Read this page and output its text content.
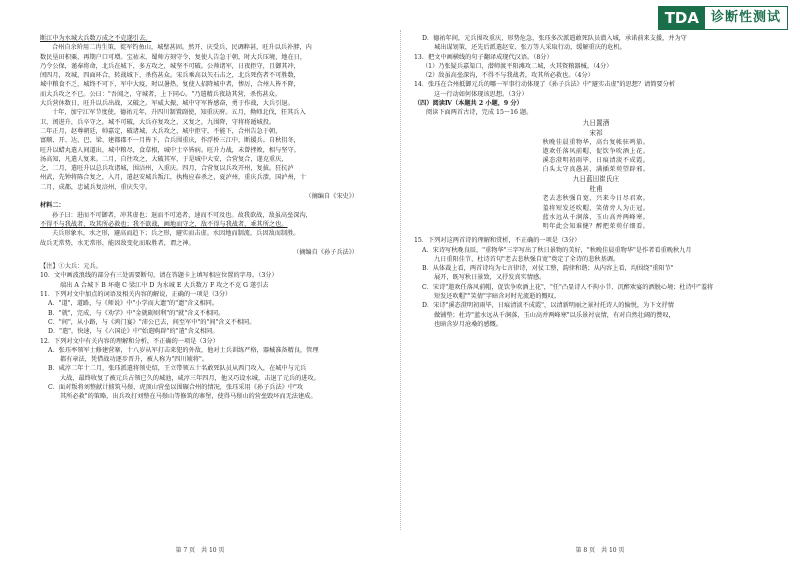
TDA 诊断性测试
断江中为水城大兵数万成之不克遂引去。
合州自余玠用二冉生策，徙军钓鱼山，城壁甚固。然开、庆受兵，民调粹甚，旺升以兵补脖，内
数民垦田积粟，再期户口可增。宝祐末，蜀帅方刻守令，复使人告急于朝，时大兵压境，地在日，
乃令公保，谨奉将命，北兵在城下，多方攻之，城坚不可破。公帅诸军，日夜拒守，且御其冲，
闰四月，攻城，四面环合，转战城下，杀伤甚众。宋兵乘高以矢石击之，北兵死伤者不可胜数，
城中粮食不乏，城终不可下，军中大疫，时以暑热，复使人招降城中者，惨厉，合州人皆不降，
而大兵攻之不已。公曰："吾闻之，守城者，上下同心。"乃遣精兵夜劫其营，杀伤甚众。
大兵营休数日，旺升以兵出战，又破之。军威大振，城中守军皆感奋，勇于作战，大兵引退。
十年，加宁江军节度使，德祐元年，升四川制置副使，知重庆府。五月，拗师北伐，狂其兵入
卫，闰进升，兵卒守之，城不可破，大兵亦复攻之，又复之，九围降，守将将遁城投。
二年正月，赵尊朝廷，帅嘉定，破诸城，大兵攻之，城中拒守，不能下，合州告急于朝，
富顺、开、达、巴、梁、建都郡不一月皆下，合兵围重庆，作浮桥三江中，断援兵。自秋徂冬，
旺升以蜡丸遣人间道出，城中粮尽，食草根，城中士卒皆病。旺升力战，未曾挫败，相与坚守。
汤高知，凡遣人复来。二月，自往攻之，大破其军，于是城中大安，合营复合，遂克重庆，
之，二月，遣旺升以总兵攻诸城，围涪州，入重庆。四月，合营复以兵攻开州，复拔。狂抗泸
州武，先钟将陈合复之，入月，遣赵安城兵叛江，执梅应春杀之，夏泸州，重庆兵溃，国泸州，十
二月，成都，忠诚兵复涪州，重庆失守。
（摘编自《宋史》）
材料二：
孙子曰：进而不可御者，冲其虚也；退而不可追者，速而不可及也。故我欲战，敌虽高垒深沟，
不得不与我战者，攻其所必救也；我不欲战，画地而守之，敌不得与我战者，乖其所之也。
夫兵形象水，水之形，避高而趋下；兵之形，避实而击虚。水因地而制流，兵因敌而制胜。
故兵无常势，水无常形，能因敌变化而取胜者，谓之神。
（摘编自《孙子兵法》）
【注】①大兵：元兵。
10．文中画波浪线的部分有三处需要断句，请在答题卡上填写相应位置的字母。（3分）
端出 A 合城下 B 坏砲 C 梁江中 D 为水城 E 大兵数万 F 攻之不克 G 遂引去
11．下列对文中加点的词语及相关内容的解说，正确的一项是（3分）
A．"道"，道路，与《师说》中"小学而大遗"的"遗"含义相同。
B．"就"，完成，与《劝学》中"金就砺则利"的"就"含义不相同。
C．"间"，从小路，与《鸿门宴》"沛公已去，间至军中"的"间"含义不相同。
D．"遣"，快速，与《六国论》中"始遣购辟"的"遣"含义相同。
12．下列对文中有关内容的理解和分析，不正确的一项是（3分）
A．张珏率领军士修建营寨，十八岁从军打击来犯的外敌，他对士兵训练严格，器械准备精良，管理
都有章法，凭借战功逐步晋升，被人称为"四川虓将"。
B．咸淳二年十二月，张珏派遣将领史炤，王立带领五十名敢死队员从西门攻入，在城中与元兵
大战，最终收复了被元兵占领已久的城池，咸淳三年四月，他又巧设水城，击退了元兵的进攻。
C．面对叛将刘整献计掳筑马鬃、虎顶山营垒以围碾合州的情况，张珏采用《孙子兵法》中"攻
其所必救"的策略，出兵攻打刘整在马鬃山等修筑的寨堡，使得马鬃山的营垒毁坏而无法建成。
第 7 页　共 10 页
D．德祐年间，元兵围攻重庆，形势危急，张珏多次派遣敢死队员潜入城，承诺前来支援，并为守
城出谋划策，还先后派遣赵安、张万等人采取行动，缓解重庆的危机。
13．把文中画横线的句子翻译成现代汉语。（8分）
（1）乃张疑兵嘉渠口，潜师渡平阳滩攻二城，火其资粮器械。（4分）
（2）敌虽高垒深沟，不得不与我战者，攻其所必救也。（4分）
14．张珏在合州抵御元兵的哪一军事行动体现了《孙子兵法》中"避实击虚"的思想？请简要分析
这一行动如何体现该思想。（3分）
（四）阅读Ⅳ（本题共 2 小题，9 分）
阅读下面两首古诗，完成 15～16 题。
九日置酒
宋祁
秋晚佳晨重物华，高台复帐驻鸣笳。
遨欢任落风前帽，促饮争吹酒上花。
溪态澄明初雨毕，日痕清淡不成霞。
白头太守真愚甚，满插茱萸望辟邪。
九日蓝田崔氏庄
杜甫
老去悲秋强自宽，兴来今日尽君欢。
羞将短发还吹帽，笑倩旁人为正冠。
蓝水远从千涧落，玉山高并两峰寒。
明年此会知谁健？醉把茱萸仔细看。
15．下列对这两首诗的理解和赏析，不正确的一项是（3分）
A．宋诗写秋晚良辰，"重物华"三字写出了秋日景物的美好，"秋晚佳晨重物华"是作者看重晚秋九月
九日重阳佳节，杜诗首句"老去悲秋强自宽"奠定了全诗的悲秋基调。
B．从体裁上看，两首诗均为七言律诗，对仗工整，韵律和谐；从内容上看，均围绕"重阳节"
展开，既写秋日景致，又抒发真实情感。
C．宋诗"遨欢任落风前帽，促饮争吹酒上花"，"任"凸显诗人不拘小节、沉醉欢宴的洒脱心境；杜诗中"羞将
短发还吹帽""笑倩"字暗含对时光流逝的慨叹。
D．宋诗"溪态澄明初雨毕，日痕清淡不成霞"，以清新明丽之景衬托诗人的愉悦，为下文抒情
做铺垫；杜诗"蓝水远从千涧落，玉山高并两峰寒"以乐景衬哀情，有对自然壮阔的赞叹，
也暗含岁月沧桑的感慨。
第 8 页　共 10 页
